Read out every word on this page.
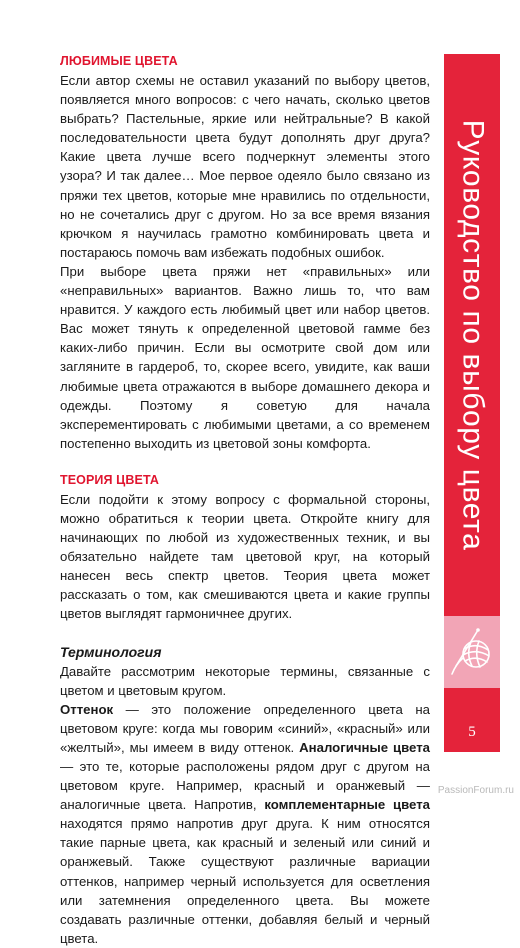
ЛЮБИМЫЕ ЦВЕТА

Если автор схемы не оставил указаний по выбору цветов, появляется много вопросов: с чего начать, сколько цветов выбрать? Пастельные, яркие или нейтральные? В какой последовательности цвета будут дополнять друг друга? Какие цвета лучше всего подчеркнут элементы этого узора? И так далее… Мое первое одеяло было связано из пряжи тех цветов, которые мне нравились по отдельности, но не сочетались друг с другом. Но за все время вязания крючком я научилась грамотно комбинировать цвета и постараюсь помочь вам избежать подобных ошибок.

При выборе цвета пряжи нет «правильных» или «неправильных» вариантов. Важно лишь то, что вам нравится. У каждого есть любимый цвет или набор цветов. Вас может тянуть к определенной цветовой гамме без каких-либо причин. Если вы осмотрите свой дом или загляните в гардероб, то, скорее всего, увидите, как ваши любимые цвета отражаются в выборе домашнего декора и одежды. Поэтому я советую для начала эксперементировать с любимыми цветами, а со временем постепенно выходить из цветовой зоны комфорта.

ТЕОРИЯ ЦВЕТА

Если подойти к этому вопросу с формальной стороны, можно обратиться к теории цвета. Откройте книгу для начинающих по любой из художественных техник, и вы обязательно найдете там цветовой круг, на который нанесен весь спектр цветов. Теория цвета может рассказать о том, как смешиваются цвета и какие группы цветов выглядят гармоничнее других.

Терминология

Давайте рассмотрим некоторые термины, связанные с цветом и цветовым кругом.

Оттенок — это положение определенного цвета на цветовом круге: когда мы говорим «синий», «красный» или «желтый», мы имеем в виду оттенок. Аналогичные цвета — это те, которые расположены рядом друг с другом на цветовом круге. Например, красный и оранжевый — аналогичные цвета. Напротив, комплементарные цвета находятся прямо напротив друг друга. К ним относятся такие парные цвета, как красный и зеленый или синий и оранжевый. Также существуют различные вариации оттенков, например черный используется для осветления или затемнения определенного цвета. Вы можете создавать различные оттенки, добавляя белый и черный цвета.

Руководство по выбору цвета
5
PassionForum.ru
